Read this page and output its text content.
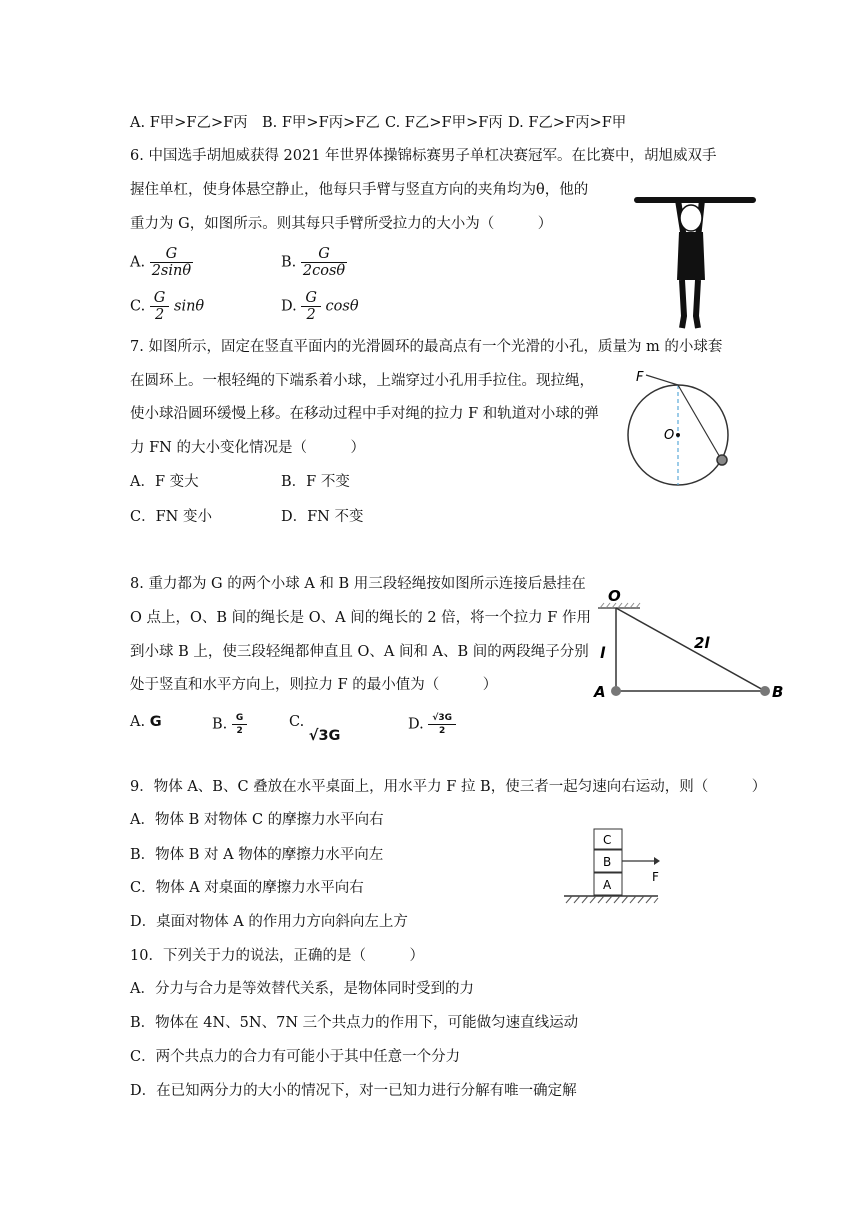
A. F甲>F乙>F丙 B. F甲>F丙>F乙 C. F乙>F甲>F丙 D. F乙>F丙>F甲
6. 中国选手胡旭威获得 2021 年世界体操锦标赛男子单杠决赛冠军。在比赛中，胡旭威双手
握住单杠，使身体悬空静止，他每只手臂与竖直方向的夹角均为θ，他的
重力为 G，如图所示。则其每只手臂所受拉力的大小为（　　　）
A. $\frac{G}{2\sin\theta}$	B. $\frac{G}{2\cos\theta}$
C. $\frac{G}{2}$ sinθ	D. $\frac{G}{2}$ cosθ
7. 如图所示，固定在竖直平面内的光滑圆环的最高点有一个光滑的小孔，质量为 m 的小球套
在圆环上。一根轻绳的下端系着小球，上端穿过小孔用手拉住。现拉绳，
使小球沿圆环缓慢上移。在移动过程中手对绳的拉力 F 和轨道对小球的弹
力 FN 的大小变化情况是（　　　）
A．F 变大	B．F 不变
C．FN 变小	D．FN 不变
F
O
8. 重力都为 G 的两个小球 A 和 B 用三段轻绳按如图所示连接后悬挂在
O 点上，O、B 间的绳长是 O、A 间的绳长的 2 倍，将一个拉力 F 作用
到小球 B 上，使三段轻绳都伸直且 O、A 间和 A、B 间的两段绳子分别
处于竖直和水平方向上，则拉力 F 的最小值为（　　　）
A. G	B. $\frac{G}{2}$	C. √3G
D. $\frac{√3G}{2}$
O
l
2l
A	B
9．物体 A、B、C 叠放在水平桌面上，用水平力 F 拉 B，使三者一起匀速向右运动，则（　　　）
A．物体 B 对物体 C 的摩擦力水平向右
B．物体 B 对 A 物体的摩擦力水平向左
C．物体 A 对桌面的摩擦力水平向右
D．桌面对物体 A 的作用力方向斜向左上方
C
B
A
F
10．下列关于力的说法，正确的是（　　　）
A．分力与合力是等效替代关系，是物体同时受到的力
B．物体在 4N、5N、7N 三个共点力的作用下，可能做匀速直线运动
C．两个共点力的合力有可能小于其中任意一个分力
D．在已知两分力的大小的情况下，对一已知力进行分解有唯一确定解
